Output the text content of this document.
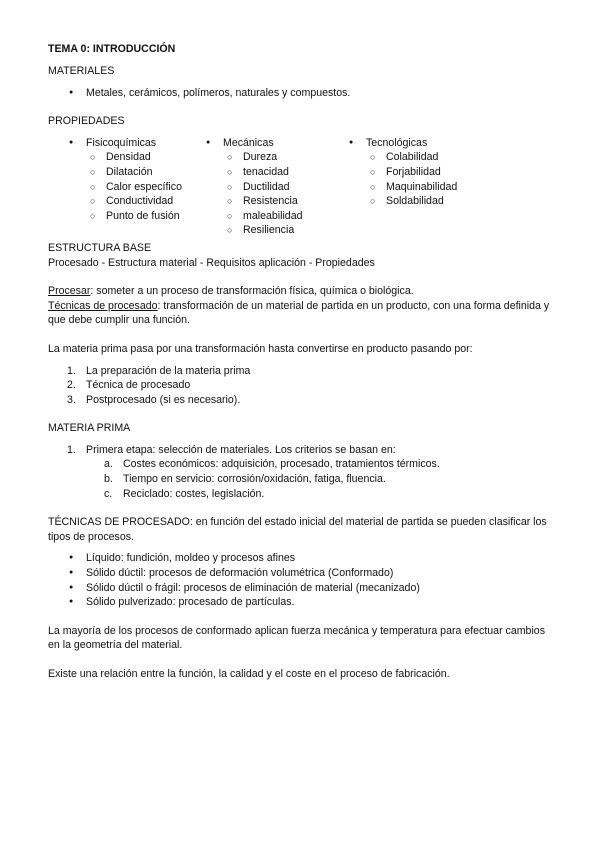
TEMA 0: INTRODUCCIÓN

MATERIALES

● Metales, cerámicos, polímeros, naturales y compuestos.

PROPIEDADES

● Fisicoquímicas
○ Densidad
○ Dilatación
○ Calor específico
○ Conductividad
○ Punto de fusión
● Mecánicas
○ Dureza
○ tenacidad
○ Ductilidad
○ Resistencia
○ maleabilidad
○ Resiliencia
● Tecnológicas
○ Colabilidad
○ Forjabilidad
○ Maquinabilidad
○ Soldabilidad

ESTRUCTURA BASE

Procesado - Estructura material - Requisitos aplicación - Propiedades

Procesar: someter a un proceso de transformación física, química o biológica.

Técnicas de procesado: transformación de un material de partida en un producto, con una forma definida y que debe cumplir una función.

La materia prima pasa por una transformación hasta convertirse en producto pasando por:

1. La preparación de la materia prima
2. Técnica de procesado
3. Postprocesado (si es necesario).

MATERIA PRIMA

1. Primera etapa: selección de materiales. Los criterios se basan en:
a. Costes económicos: adquisición, procesado, tratamientos térmicos.
b. Tiempo en servicio: corrosión/oxidación, fatiga, fluencia.
c. Reciclado: costes, legislación.

TÉCNICAS DE PROCESADO: en función del estado inicial del material de partida se pueden clasificar los tipos de procesos.

● Líquido: fundición, moldeo y procesos afines
● Sólido dúctil: procesos de deformación volumétrica (Conformado)
● Sólido dúctil o frágil: procesos de eliminación de material (mecanizado)
● Sólido pulverizado: procesado de partículas.

La mayoría de los procesos de conformado aplican fuerza mecánica y temperatura para efectuar cambios en la geometría del material.

Existe una relación entre la función, la calidad y el coste en el proceso de fabricación.
